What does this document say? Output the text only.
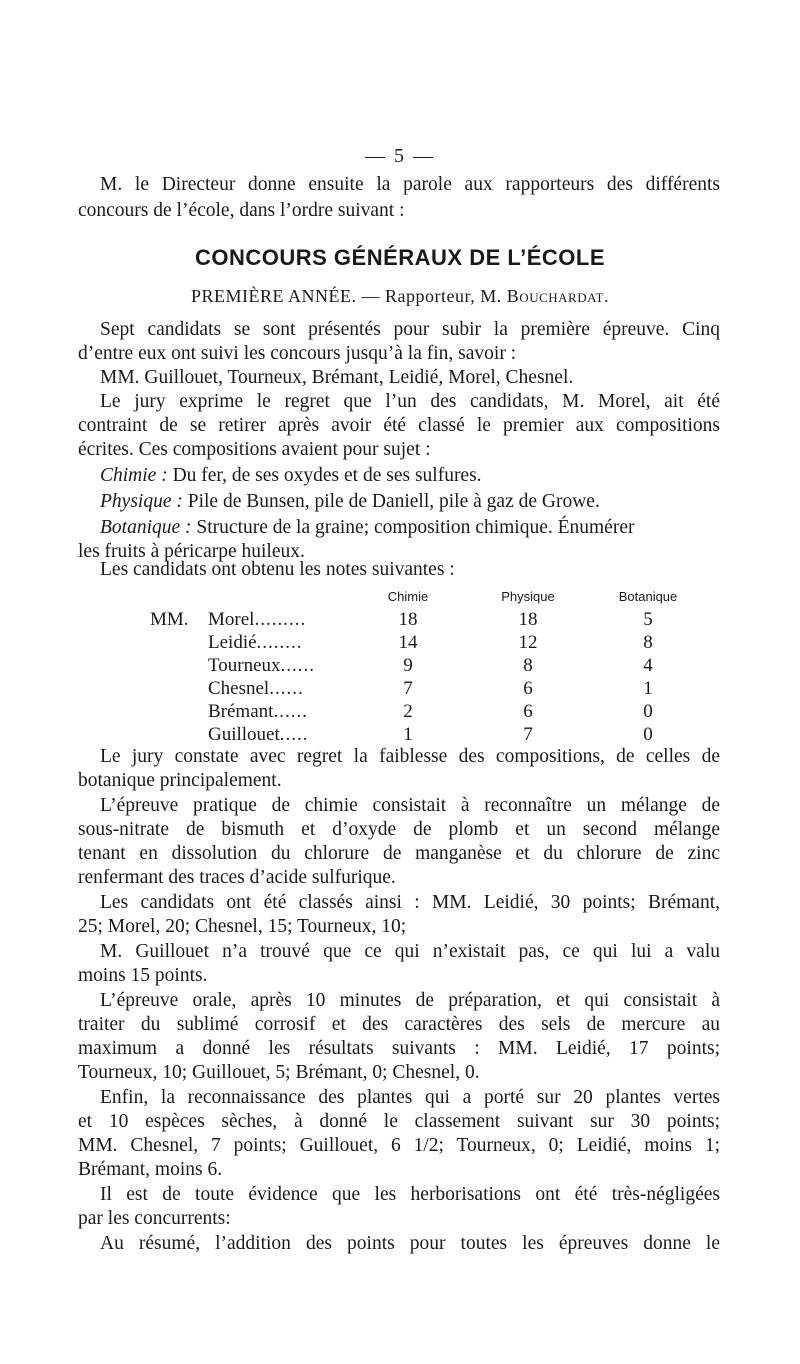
— 5 —
M. le Directeur donne ensuite la parole aux rapporteurs des différents
concours de l’école, dans l’ordre suivant :
CONCOURS GÉNÉRAUX DE L’ÉCOLE
PREMIÈRE ANNÉE. — Rapporteur, M. Bouchardat.
Sept candidats se sont présentés pour subir la première épreuve. Cinq
d’entre eux ont suivi les concours jusqu’à la fin, savoir :
MM. Guillouet, Tourneux, Brémant, Leidié, Morel, Chesnel.
Le jury exprime le regret que l’un des candidats, M. Morel, ait été
contraint de se retirer après avoir été classé le premier aux compositions
écrites. Ces compositions avaient pour sujet :
Chimie : Du fer, de ses oxydes et de ses sulfures.
Physique : Pile de Bunsen, pile de Daniell, pile à gaz de Growe.
Botanique : Structure de la graine; composition chimique. Énumérer
les fruits à péricarpe huileux.
Les candidats ont obtenu les notes suivantes :
		Chimie	Physique	Botanique
MM.	Morel.........	18	18	5
	Leidié........	14	12	8
	Tourneux......	9	8	4
	Chesnel......	7	6	1
	Brémant......	2	6	0
	Guillouet.....	1	7	0
Le jury constate avec regret la faiblesse des compositions, de celles de
botanique principalement.
L’épreuve pratique de chimie consistait à reconnaître un mélange de
sous-nitrate de bismuth et d’oxyde de plomb et un second mélange
tenant en dissolution du chlorure de manganèse et du chlorure de zinc
renfermant des traces d’acide sulfurique.
Les candidats ont été classés ainsi : MM. Leidié, 30 points; Brémant,
25; Morel, 20; Chesnel, 15; Tourneux, 10;
M. Guillouet n’a trouvé que ce qui n’existait pas, ce qui lui a valu
moins 15 points.
L’épreuve orale, après 10 minutes de préparation, et qui consistait à
traiter du sublimé corrosif et des caractères des sels de mercure au
maximum a donné les résultats suivants : MM. Leidié, 17 points;
Tourneux, 10; Guillouet, 5; Brémant, 0; Chesnel, 0.
Enfin, la reconnaissance des plantes qui a porté sur 20 plantes vertes
et 10 espèces sèches, à donné le classement suivant sur 30 points;
MM. Chesnel, 7 points; Guillouet, 6 1/2; Tourneux, 0; Leidié, moins 1;
Brémant, moins 6.
Il est de toute évidence que les herborisations ont été très-négligées
par les concurrents:
Au résumé, l’addition des points pour toutes les épreuves donne le
